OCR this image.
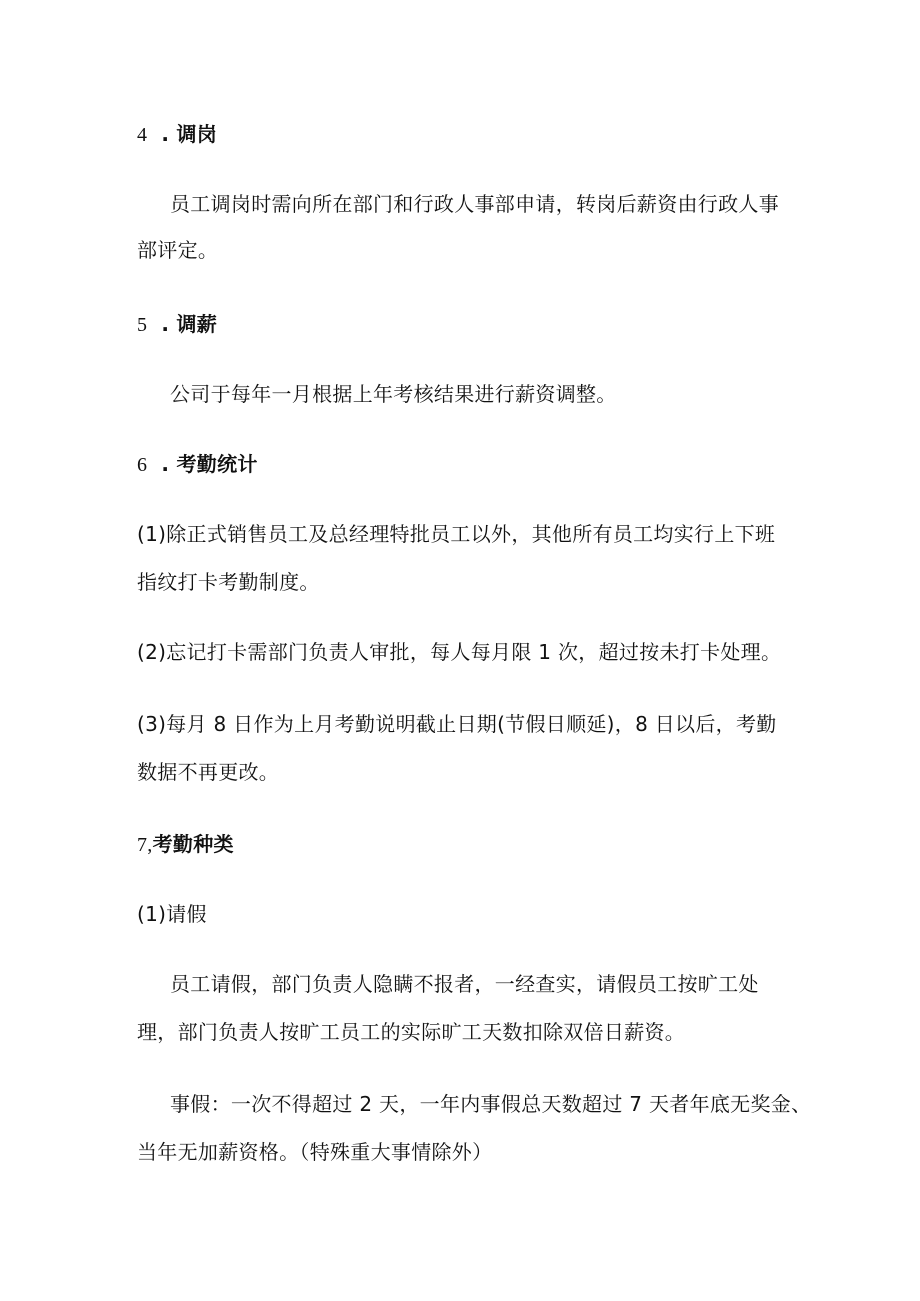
4 . 调岗
员工调岗时需向所在部门和行政人事部申请，转岗后薪资由行政人事
部评定。
5 . 调薪
公司于每年一月根据上年考核结果进行薪资调整。
6 . 考勤统计
(1)除正式销售员工及总经理特批员工以外，其他所有员工均实行上下班
指纹打卡考勤制度。
(2)忘记打卡需部门负责人审批，每人每月限 1 次，超过按未打卡处理。
(3)每月 8 日作为上月考勤说明截止日期(节假日顺延)，8 日以后，考勤
数据不再更改。
7,考勤种类
(1)请假
员工请假，部门负责人隐瞒不报者，一经查实，请假员工按旷工处
理，部门负责人按旷工员工的实际旷工天数扣除双倍日薪资。
事假：一次不得超过 2 天，一年内事假总天数超过 7 天者年底无奖金、
当年无加薪资格。（特殊重大事情除外）
